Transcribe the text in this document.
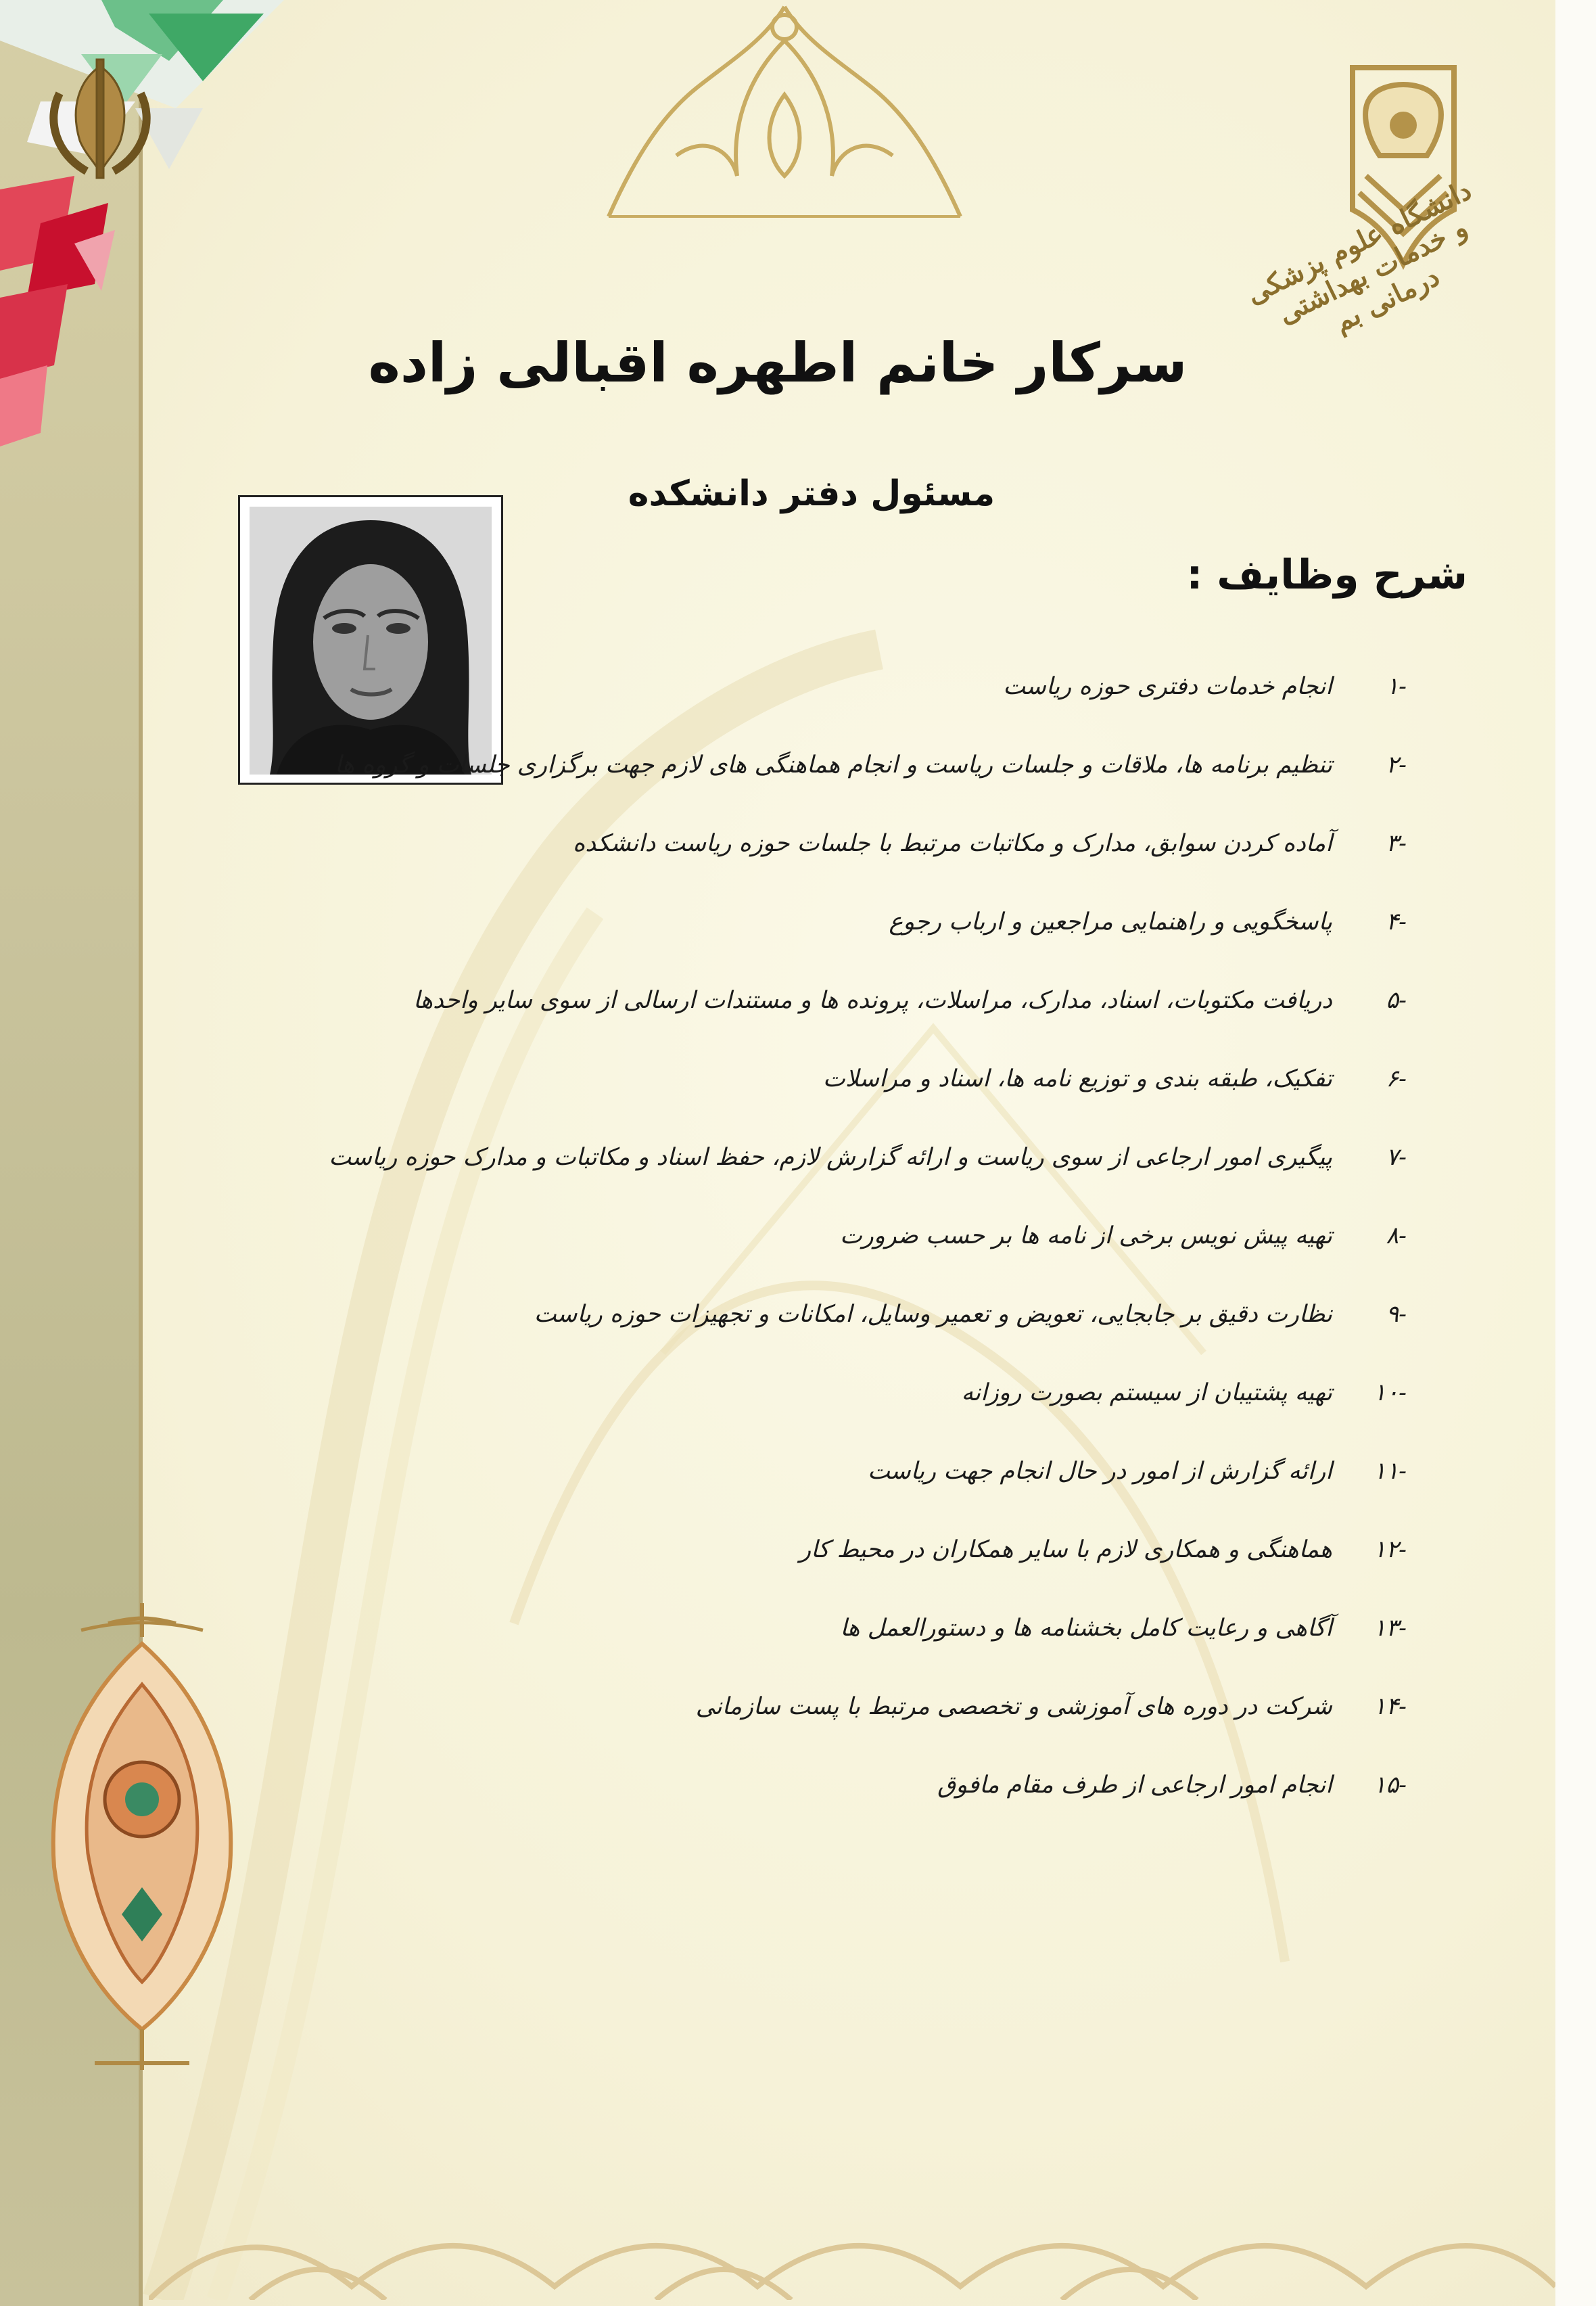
دانشگاه علوم پزشکی و خدمات بهداشتی درمانی بم
سرکار خانم اطهره اقبالی زاده
مسئول دفتر دانشکده
شرح وظایف :
-۱
انجام خدمات دفتری حوزه ریاست
-۲
تنظیم برنامه ها، ملاقات و جلسات ریاست و انجام هماهنگی های لازم جهت برگزاری جلسات و گروه ها
-۳
آماده کردن سوابق، مدارک و مکاتبات مرتبط با جلسات حوزه ریاست دانشکده
-۴
پاسخگویی و راهنمایی مراجعین و ارباب رجوع
-۵
دریافت مکتوبات، اسناد، مدارک، مراسلات، پرونده ها و مستندات ارسالی از سوی سایر واحدها
-۶
تفکیک، طبقه بندی و توزیع نامه ها، اسناد و مراسلات
-۷
پیگیری امور ارجاعی از سوی ریاست و ارائه گزارش لازم، حفظ اسناد و مکاتبات و مدارک حوزه ریاست
-۸
تهیه پیش نویس برخی از نامه ها بر حسب ضرورت
-۹
نظارت دقیق بر جابجایی، تعویض و تعمیر وسایل، امکانات و تجهیزات حوزه ریاست
-۱۰
تهیه پشتیبان از سیستم بصورت روزانه
-۱۱
ارائه گزارش از امور در حال انجام جهت ریاست
-۱۲
هماهنگی و همکاری لازم با سایر همکاران در محیط کار
-۱۳
آگاهی و رعایت کامل بخشنامه ها و دستورالعمل ها
-۱۴
شرکت در دوره های آموزشی و تخصصی مرتبط با پست سازمانی
-۱۵
انجام امور ارجاعی از طرف مقام مافوق
